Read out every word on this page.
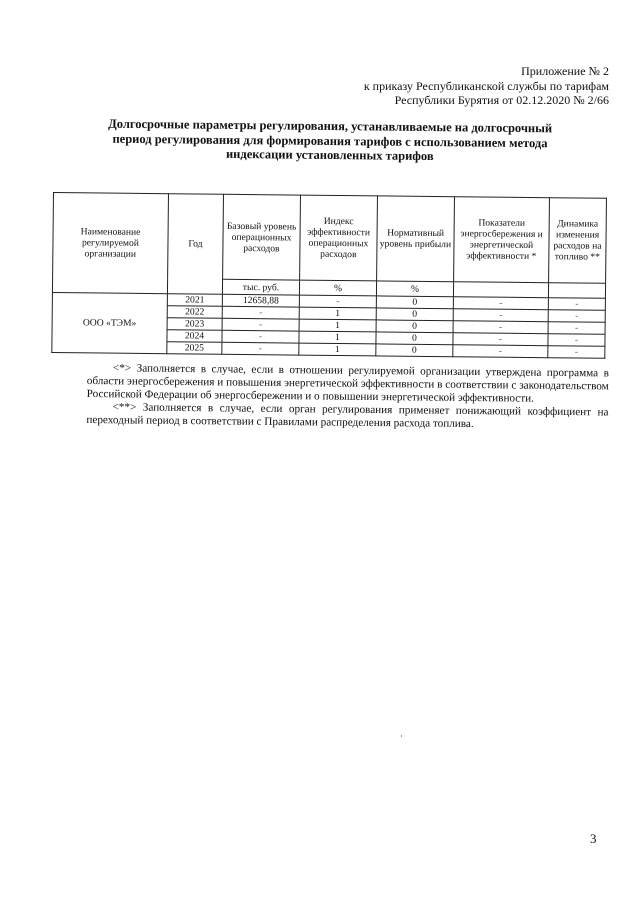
Приложение № 2
к приказу Республиканской службы по тарифам
Республики Бурятия от 02.12.2020 № 2/66
Долгосрочные параметры регулирования, устанавливаемые на долгосрочный период регулирования для формирования тарифов с использованием метода индексации установленных тарифов
Наименование регулируемой организации	Год	Базовый уровень операционных расходов	Индекс эффективности операционных расходов	Нормативный уровень прибыли	Показатели энергосбережения и энергетической эффективности *	Динамика изменения расходов на топливо **
		тыс. руб.	%	%		
ООО «ТЭМ»	2021	12658,88	-	0	-	-
	2022	-	1	0	-	-
	2023	-	1	0	-	-
	2024	-	1	0	-	-
	2025	-	1	0	-	-

<*> Заполняется в случае, если в отношении регулируемой организации утверждена программа в области энергосбережения и повышения энергетической эффективности в соответствии с законодательством Российской Федерации об энергосбережении и о повышении энергетической эффективности.

<**> Заполняется в случае, если орган регулирования применяет понижающий коэффициент на переходный период в соответствии с Правилами распределения расхода топлива.

3
